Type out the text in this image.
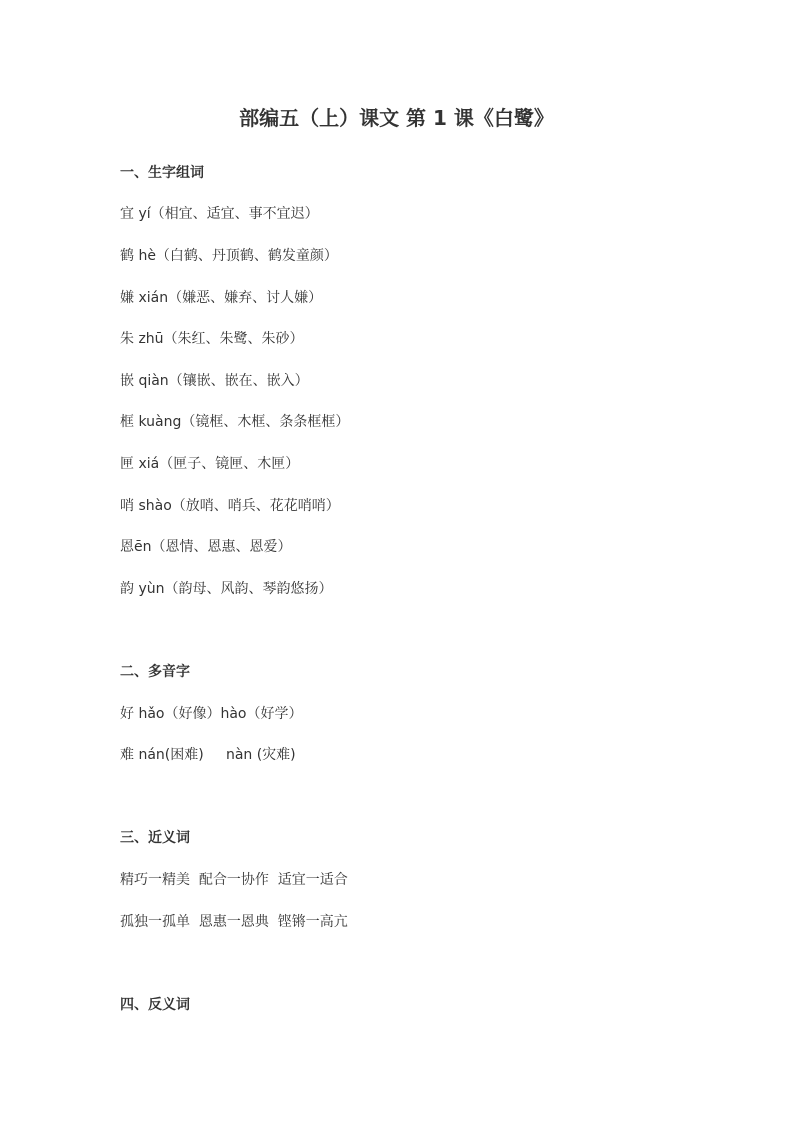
部编五（上）课文 第 1 课《白鹭》
一、生字组词
宜 yí（相宜、适宜、事不宜迟）
鹤 hè（白鹤、丹顶鹤、鹤发童颜）
嫌 xián（嫌恶、嫌弃、讨人嫌）
朱 zhū（朱红、朱鹭、朱砂）
嵌 qiàn（镶嵌、嵌在、嵌入）
框 kuàng（镜框、木框、条条框框）
匣 xiá（匣子、镜匣、木匣）
哨 shào（放哨、哨兵、花花哨哨）
恩ēn（恩情、恩惠、恩爱）
韵 yùn（韵母、风韵、琴韵悠扬）
二、多音字
好 hǎo（好像）hào（好学）
难 nán(困难)     nàn (灾难)
三、近义词
精巧一精美  配合一协作  适宜一适合
孤独一孤单  恩惠一恩典  铿锵一高亢
四、反义词
